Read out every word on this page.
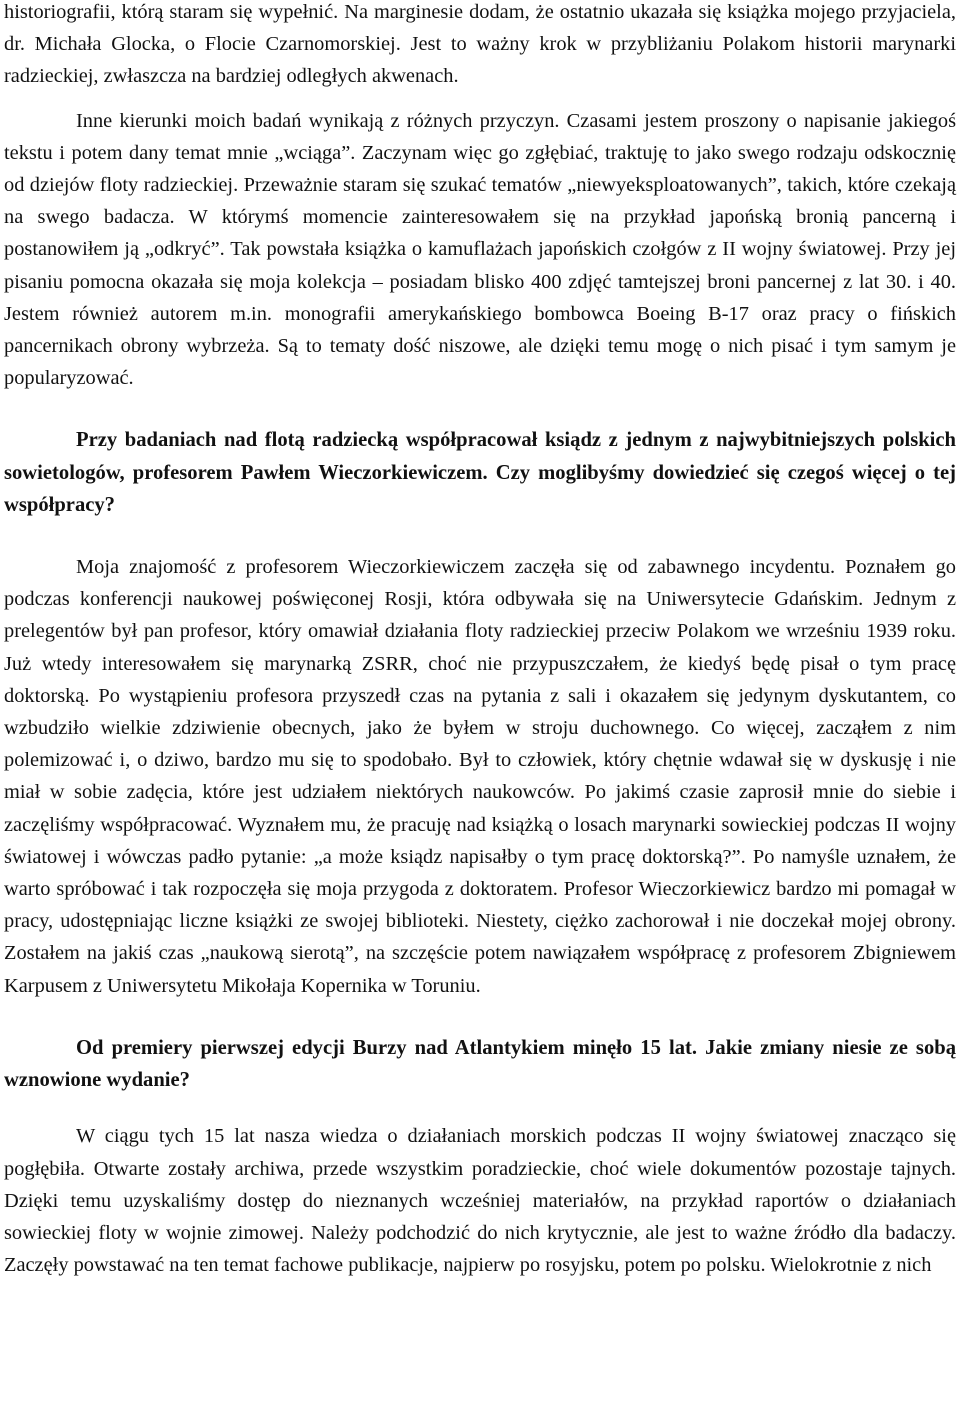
historiografii, którą staram się wypełnić. Na marginesie dodam, że ostatnio ukazała się książka mojego przyjaciela, dr. Michała Glocka, o Flocie Czarnomorskiej. Jest to ważny krok w przybliżaniu Polakom historii marynarki radzieckiej, zwłaszcza na bardziej odległych akwenach.

Inne kierunki moich badań wynikają z różnych przyczyn. Czasami jestem proszony o napisanie jakiegoś tekstu i potem dany temat mnie „wciąga”. Zaczynam więc go zgłębiać, traktuję to jako swego rodzaju odskocznię od dziejów floty radzieckiej. Przeważnie staram się szukać tematów „niewyeksploatowanych”, takich, które czekają na swego badacza. W którymś momencie zainteresowałem się na przykład japońską bronią pancerną i postanowiłem ją „odkryć”. Tak powstała książka o kamuflażach japońskich czołgów z II wojny światowej. Przy jej pisaniu pomocna okazała się moja kolekcja – posiadam blisko 400 zdjęć tamtejszej broni pancernej z lat 30. i 40. Jestem również autorem m.in. monografii amerykańskiego bombowca Boeing B-17 oraz pracy o fińskich pancernikach obrony wybrzeża. Są to tematy dość niszowe, ale dzięki temu mogę o nich pisać i tym samym je popularyzować.

Przy badaniach nad flotą radziecką współpracował ksiądz z jednym z najwybitniejszych polskich sowietologów, profesorem Pawłem Wieczorkiewiczem. Czy moglibyśmy dowiedzieć się czegoś więcej o tej współpracy?

Moja znajomość z profesorem Wieczorkiewiczem zaczęła się od zabawnego incydentu. Poznałem go podczas konferencji naukowej poświęconej Rosji, która odbywała się na Uniwersytecie Gdańskim. Jednym z prelegentów był pan profesor, który omawiał działania floty radzieckiej przeciw Polakom we wrześniu 1939 roku. Już wtedy interesowałem się marynarką ZSRR, choć nie przypuszczałem, że kiedyś będę pisał o tym pracę doktorską. Po wystąpieniu profesora przyszedł czas na pytania z sali i okazałem się jedynym dyskutantem, co wzbudziło wielkie zdziwienie obecnych, jako że byłem w stroju duchownego. Co więcej, zacząłem z nim polemizować i, o dziwo, bardzo mu się to spodobało. Był to człowiek, który chętnie wdawał się w dyskusję i nie miał w sobie zadęcia, które jest udziałem niektórych naukowców. Po jakimś czasie zaprosił mnie do siebie i zaczęliśmy współpracować. Wyznałem mu, że pracuję nad książką o losach marynarki sowieckiej podczas II wojny światowej i wówczas padło pytanie: „a może ksiądz napisałby o tym pracę doktorską?”. Po namyśle uznałem, że warto spróbować i tak rozpoczęła się moja przygoda z doktoratem. Profesor Wieczorkiewicz bardzo mi pomagał w pracy, udostępniając liczne książki ze swojej biblioteki. Niestety, ciężko zachorował i nie doczekał mojej obrony. Zostałem na jakiś czas „naukową sierotą”, na szczęście potem nawiązałem współpracę z profesorem Zbigniewem Karpusem z Uniwersytetu Mikołaja Kopernika w Toruniu.

Od premiery pierwszej edycji Burzy nad Atlantykiem minęło 15 lat. Jakie zmiany niesie ze sobą wznowione wydanie?

W ciągu tych 15 lat nasza wiedza o działaniach morskich podczas II wojny światowej znacząco się pogłębiła. Otwarte zostały archiwa, przede wszystkim poradzieckie, choć wiele dokumentów pozostaje tajnych. Dzięki temu uzyskaliśmy dostęp do nieznanych wcześniej materiałów, na przykład raportów o działaniach sowieckiej floty w wojnie zimowej. Należy podchodzić do nich krytycznie, ale jest to ważne źródło dla badaczy. Zaczęły powstawać na ten temat fachowe publikacje, najpierw po rosyjsku, potem po polsku. Wielokrotnie z nich
